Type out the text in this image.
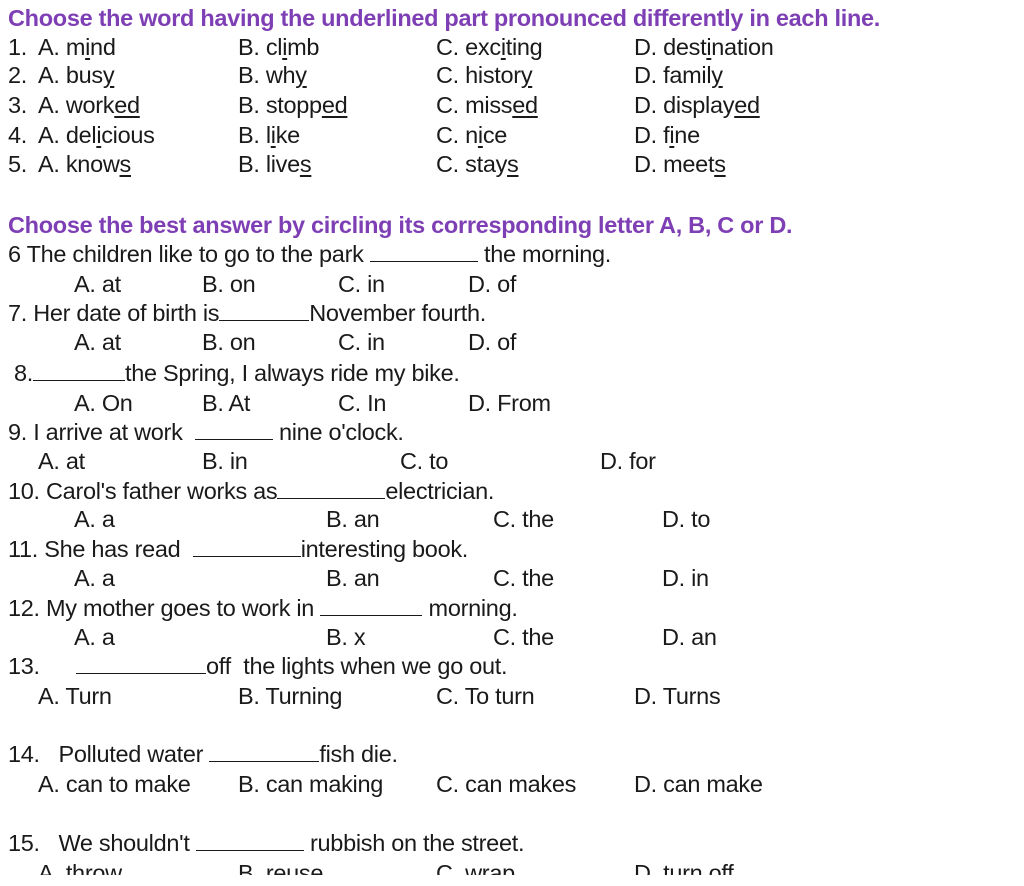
Choose the word having the underlined part pronounced differently in each line.
1. A. mind	B. climb	C. exciting	D. destination
2. A. busy	B. why	C. history	D. family
3. A. worked	B. stopped	C. missed	D. displayed
4. A. delicious	B. like	C. nice	D. fine
5. A. knows	B. lives	C. stays	D. meets
Choose the best answer by circling its corresponding letter A, B, C or D.
6 The children like to go to the park	the morning.
A. at	B. on	C. in	D. of
7. Her date of birth is	November fourth.
A. at	B. on	C. in	D. of
8.	the Spring, I always ride my bike.
A. On	B. At	C. In	D. From
9. I arrive at work	nine o'clock.
A. at	B. in	C. to	D. for
10. Carol's father works as	electrician.
A. a	B. an	C. the	D. to
11. She has read	interesting book.
A. a	B. an	C. the	D. in
12. My mother goes to work in	morning.
A. a	B. x	C. the	D. an
13.	off  the lights when we go out.
A. Turn	B. Turning	C. To turn	D. Turns
14.   Polluted water	fish die.
A. can to make B. can making C. can makes D. can make
15.   We shouldn't	rubbish on the street.
A. throw	B. reuse	C. wrap	D. turn off
